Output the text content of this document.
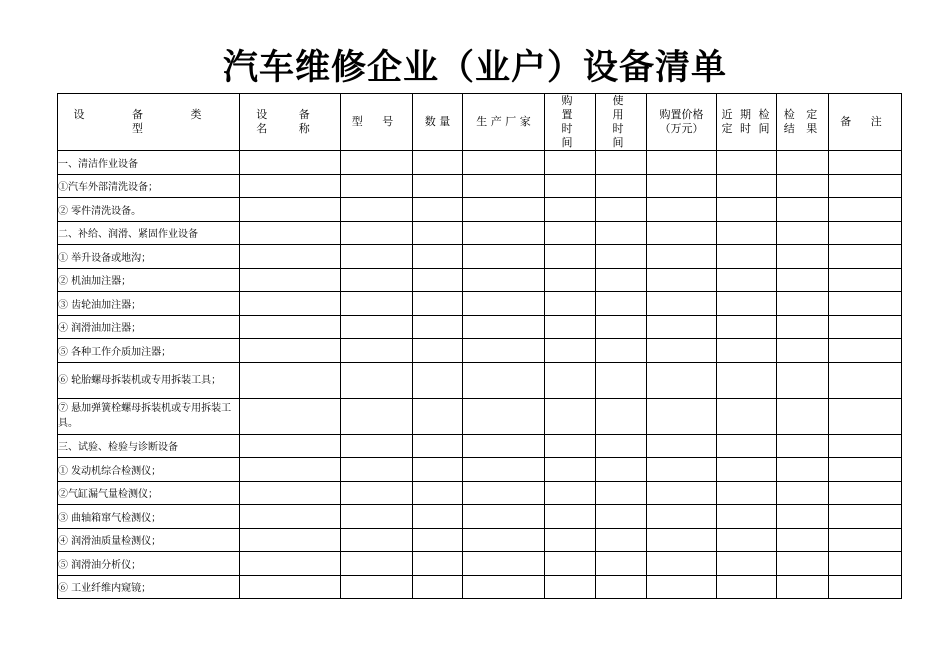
汽车维修企业（业户）设备清单
设 备 类 型	设 备 名 称	型 号	数 量	生 产 厂 家	购 置 时 间	使 用 时 间	购置价格（万元）	近 期 检 定 时 间	检 定 结 果	备 注
一、清洁作业设备										
①汽车外部清洗设备；										
② 零件清洗设备。										
二、补给、润滑、紧固作业设备										
① 举升设备或地沟；										
② 机油加注器；										
③ 齿轮油加注器；										
④ 润滑油加注器；										
⑤ 各种工作介质加注器；										
⑥ 轮胎螺母拆装机或专用拆装工具；										
⑦ 悬加弹簧栓螺母拆装机或专用拆装工具。										
三、试验、检验与诊断设备										
① 发动机综合检测仪；										
②气缸漏气量检测仪；										
③ 曲轴箱窜气检测仪；										
④ 润滑油质量检测仪；										
⑤ 润滑油分析仪；										
⑥ 工业纤维内窥镜；										
